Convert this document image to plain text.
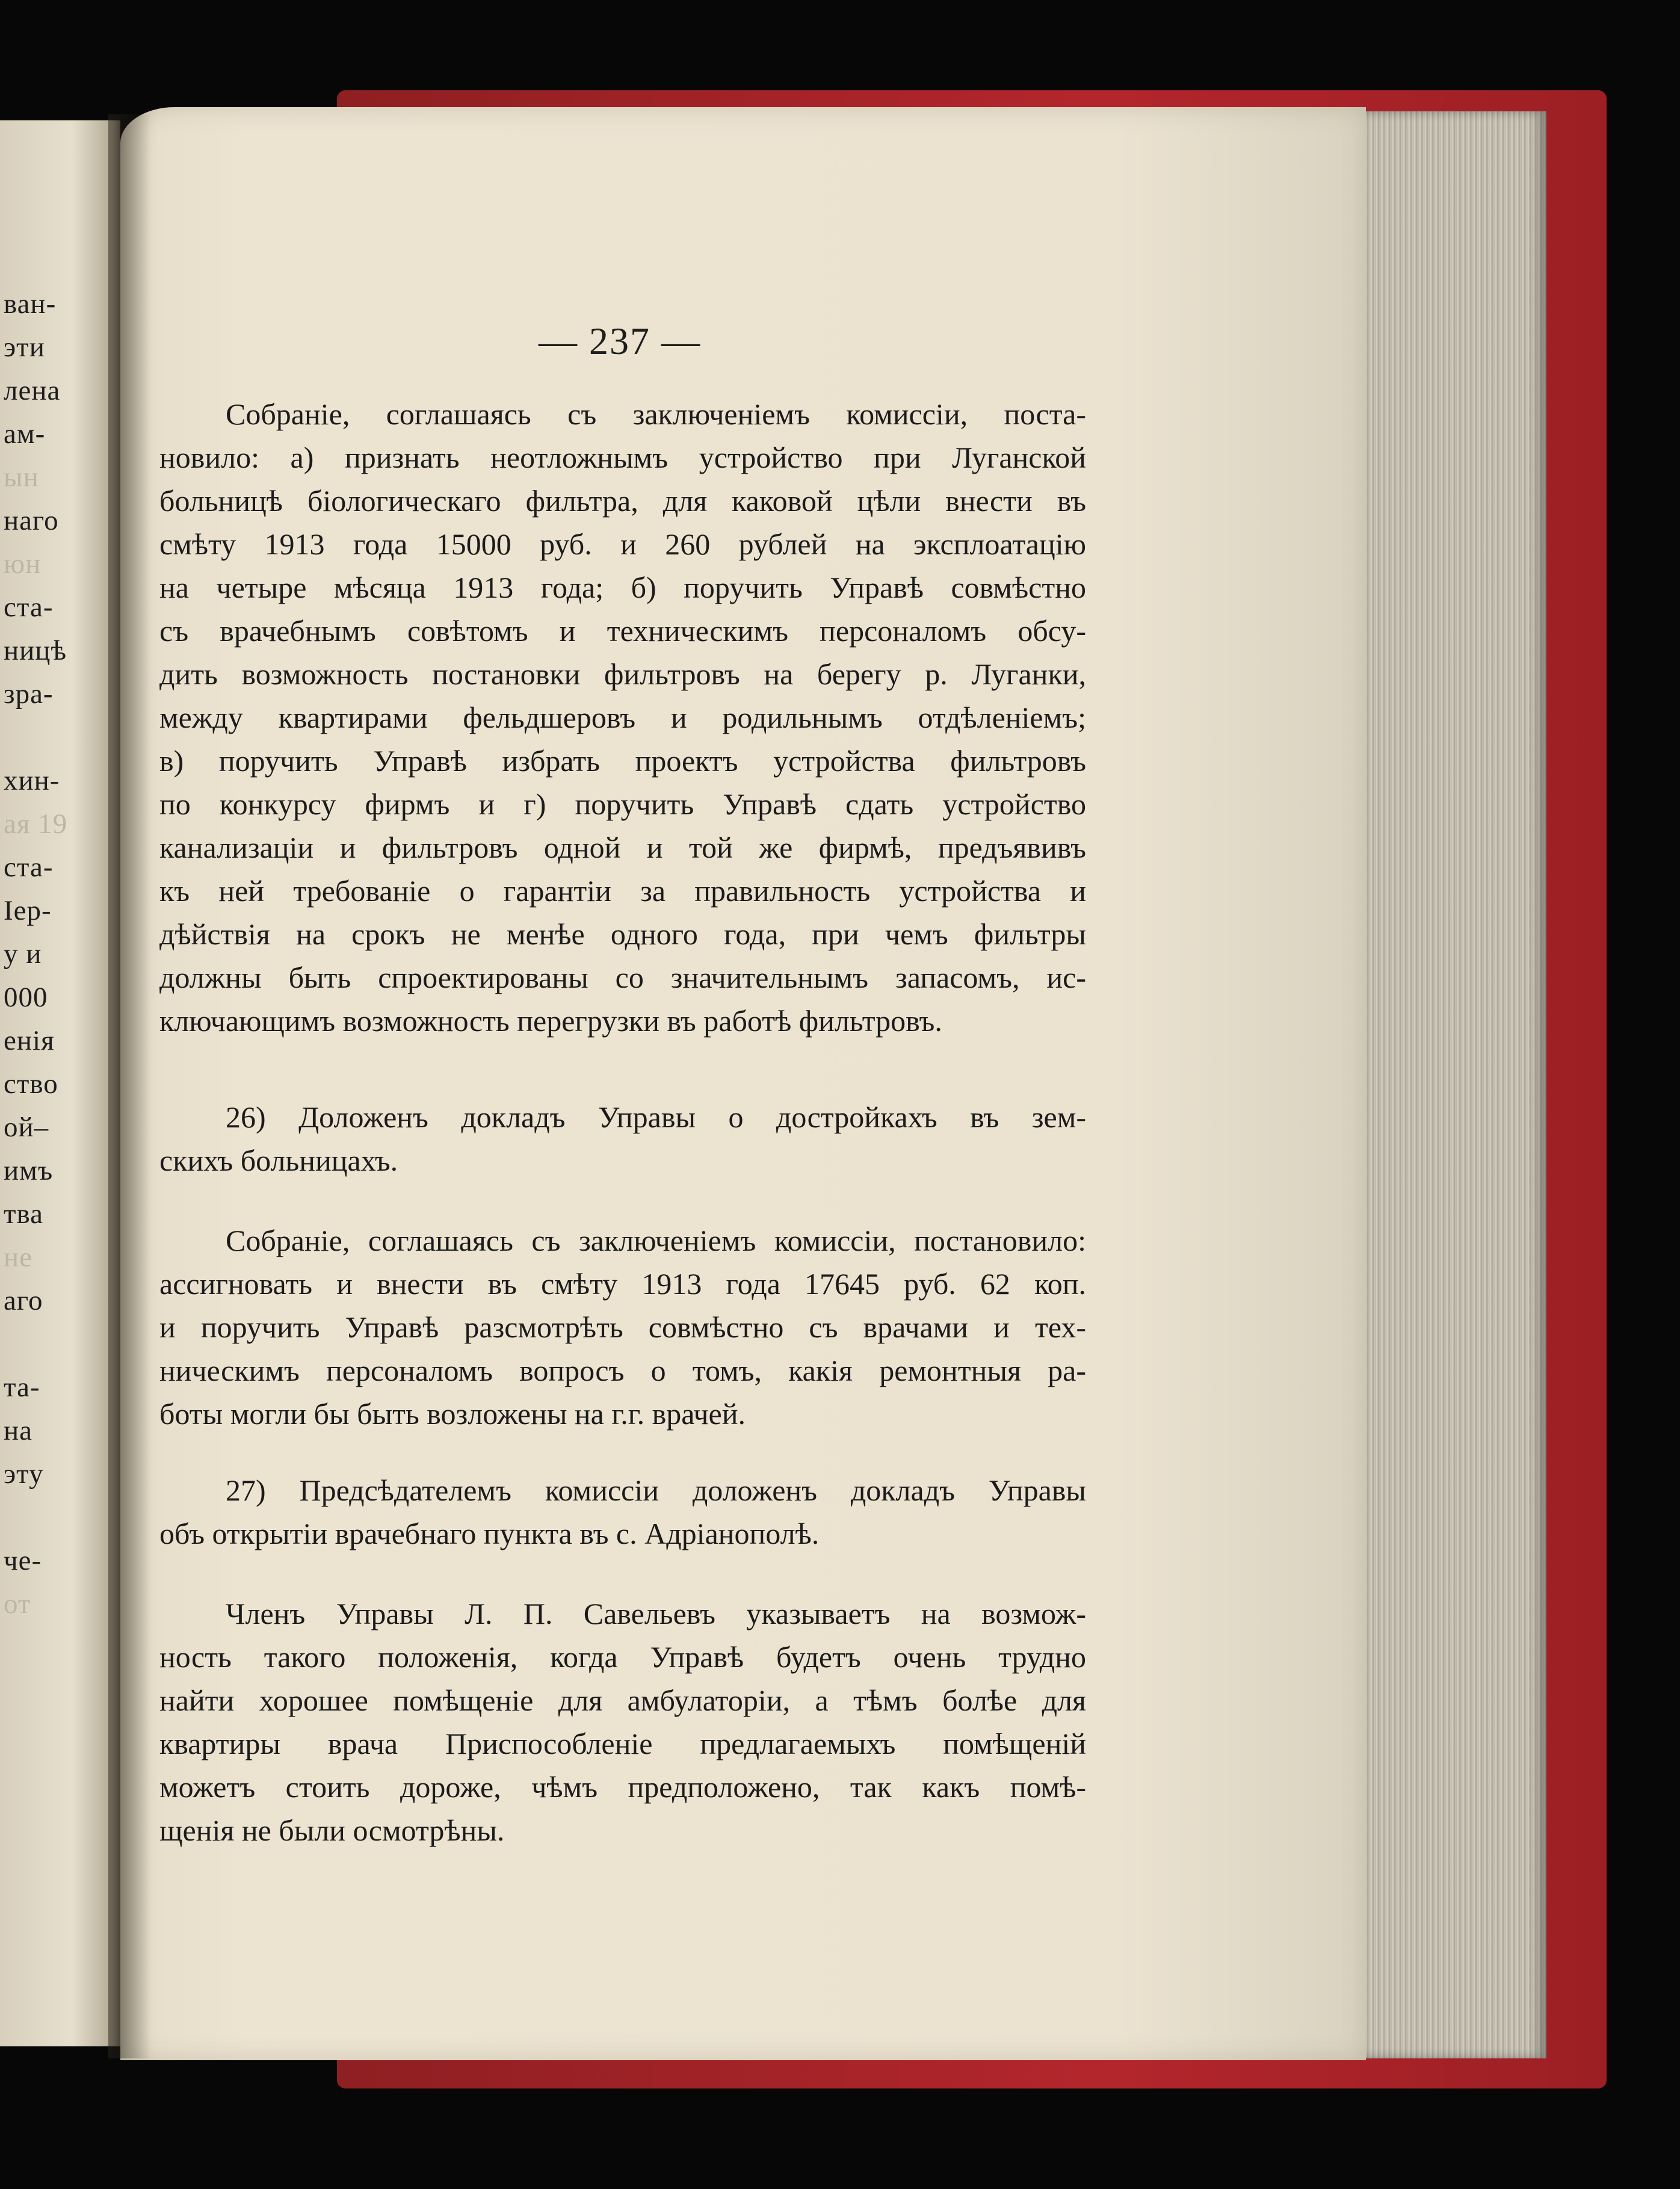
ван-
эти
лена
ам-
ын
наго
юн
ста-
ницѣ
зра-
хин-
ая 19
ста-
Іер-
у и
000
енія
ство
ой–
имъ
тва
не
аго
та-
на
эту
че-
от
— 237 —
Собраніе, соглашаясь съ заключеніемъ комиссіи, поста-
новило: а) признать неотложнымъ устройство при Луганской
больницѣ біологическаго фильтра, для каковой цѣли внести въ
смѣту 1913 года 15000 руб. и 260 рублей на эксплоатацію
на четыре мѣсяца 1913 года; б) поручить Управѣ совмѣстно
съ врачебнымъ совѣтомъ и техническимъ персоналомъ обсу-
дить возможность постановки фильтровъ на берегу р. Луганки,
между квартирами фельдшеровъ и родильнымъ отдѣленіемъ;
в) поручить Управѣ избрать проектъ устройства фильтровъ
по конкурсу фирмъ и г) поручить Управѣ сдать устройство
канализаціи и фильтровъ одной и той же фирмѣ, предъявивъ
къ ней требованіе о гарантіи за правильность устройства и
дѣйствія на срокъ не менѣе одного года, при чемъ фильтры
должны быть спроектированы со значительнымъ запасомъ, ис-
ключающимъ возможность перегрузки въ работѣ фильтровъ.
26) Доложенъ докладъ Управы о достройкахъ въ зем-
скихъ больницахъ.
Собраніе, соглашаясь съ заключеніемъ комиссіи, постановило:
ассигновать и внести въ смѣту 1913 года 17645 руб. 62 коп.
и поручить Управѣ разсмотрѣть совмѣстно съ врачами и тех-
ническимъ персоналомъ вопросъ о томъ, какія ремонтныя ра-
боты могли бы быть возложены на г.г. врачей.
27) Предсѣдателемъ комиссіи доложенъ докладъ Управы
объ открытіи врачебнаго пункта въ с. Адріанополѣ.
Членъ Управы Л. П. Савельевъ указываетъ на возмож-
ность такого положенія, когда Управѣ будетъ очень трудно
найти хорошее помѣщеніе для амбулаторіи, а тѣмъ болѣе для
квартиры врача Приспособленіе предлагаемыхъ помѣщеній
можетъ стоить дороже, чѣмъ предположено, так какъ помѣ-
щенія не были осмотрѣны.
